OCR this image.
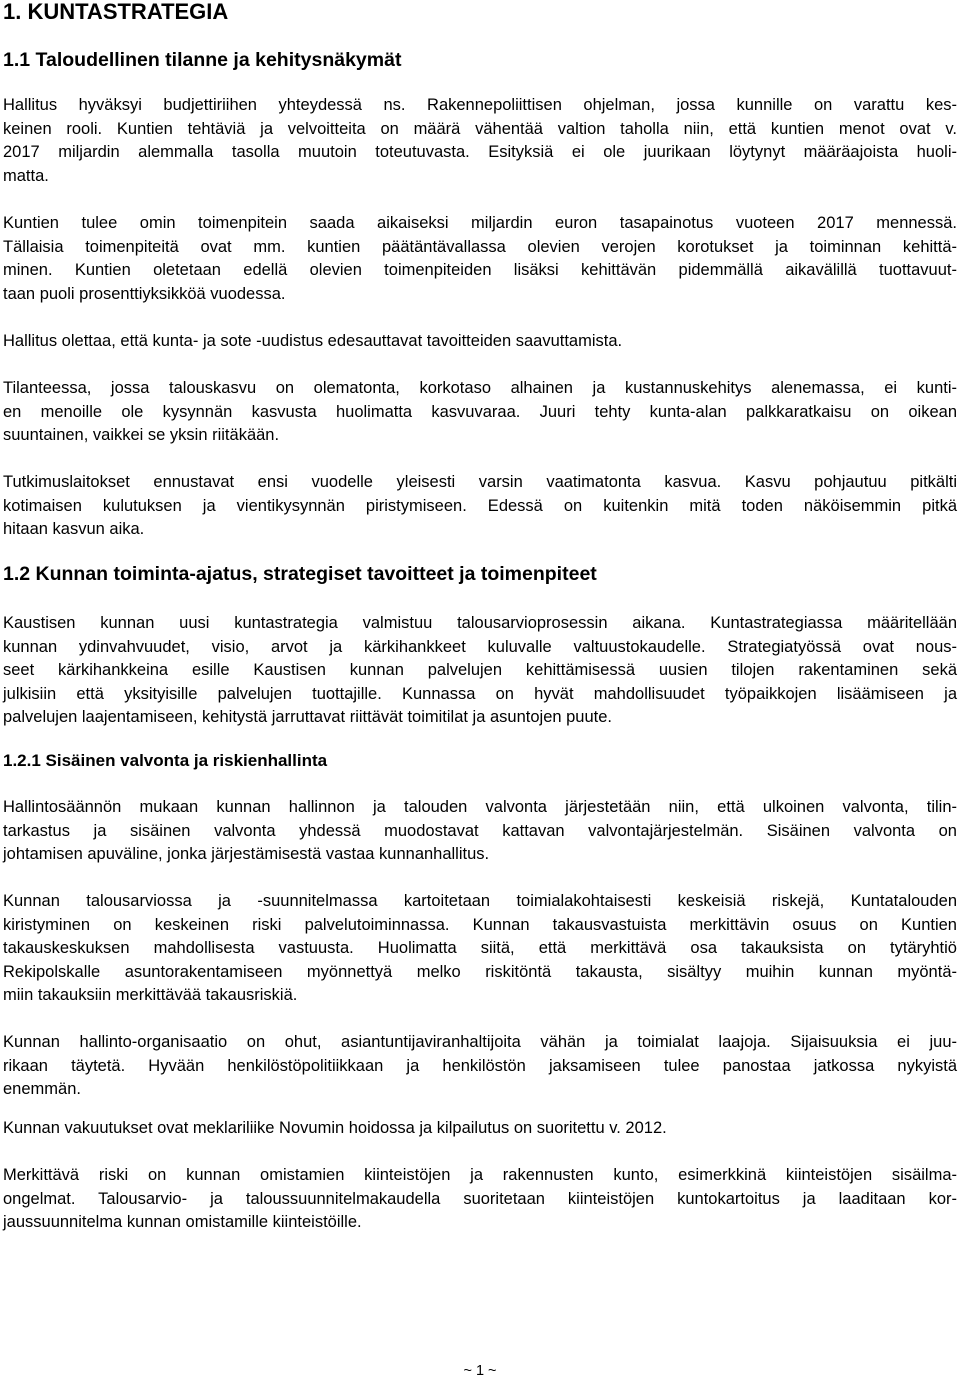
1. KUNTASTRATEGIA
1.1 Taloudellinen tilanne ja kehitysnäkymät
Hallitus hyväksyi budjettiriihen yhteydessä ns. Rakennepoliittisen ohjelman, jossa kunnille on varattu kes-
keinen rooli. Kuntien tehtäviä ja velvoitteita on määrä vähentää valtion taholla niin, että kuntien menot ovat v.
2017 miljardin alemmalla tasolla muutoin toteutuvasta. Esityksiä ei ole juurikaan löytynyt määräajoista huoli-
matta.
Kuntien tulee omin toimenpitein saada aikaiseksi miljardin euron tasapainotus vuoteen 2017 mennessä.
Tällaisia toimenpiteitä ovat mm. kuntien päätäntävallassa olevien verojen korotukset ja toiminnan kehittä-
minen. Kuntien oletetaan edellä olevien toimenpiteiden lisäksi kehittävän pidemmällä aikavälillä tuottavuut-
taan puoli prosenttiyksikköä vuodessa.
Hallitus olettaa, että kunta- ja sote -uudistus edesauttavat tavoitteiden saavuttamista.
Tilanteessa, jossa talouskasvu on olematonta, korkotaso alhainen ja kustannuskehitys alenemassa, ei kunti-
en menoille ole kysynnän kasvusta huolimatta kasvuvaraa. Juuri tehty kunta-alan palkkaratkaisu on oikean
suuntainen, vaikkei se yksin riitäkään.
Tutkimuslaitokset ennustavat ensi vuodelle yleisesti varsin vaatimatonta kasvua. Kasvu pohjautuu pitkälti
kotimaisen kulutuksen ja vientikysynnän piristymiseen. Edessä on kuitenkin mitä toden näköisemmin pitkä
hitaan kasvun aika.
1.2 Kunnan toiminta-ajatus, strategiset tavoitteet ja toimenpiteet
Kaustisen kunnan uusi kuntastrategia valmistuu talousarvioprosessin aikana. Kuntastrategiassa määritellään
kunnan ydinvahvuudet, visio, arvot ja kärkihankkeet kuluvalle valtuustokaudelle. Strategiatyössä ovat nous-
seet kärkihankkeina esille Kaustisen kunnan palvelujen kehittämisessä uusien tilojen rakentaminen sekä
julkisiin että yksityisille palvelujen tuottajille. Kunnassa on hyvät mahdollisuudet työpaikkojen lisäämiseen ja
palvelujen laajentamiseen, kehitystä jarruttavat riittävät toimitilat ja asuntojen puute.
1.2.1 Sisäinen valvonta ja riskienhallinta
Hallintosäännön mukaan kunnan hallinnon ja talouden valvonta järjestetään niin, että ulkoinen valvonta, tilin-
tarkastus ja sisäinen valvonta yhdessä muodostavat kattavan valvontajärjestelmän. Sisäinen valvonta on
johtamisen apuväline, jonka järjestämisestä vastaa kunnanhallitus.
Kunnan talousarviossa ja -suunnitelmassa kartoitetaan toimialakohtaisesti keskeisiä riskejä, Kuntatalouden
kiristyminen on keskeinen riski palvelutoiminnassa. Kunnan takausvastuista merkittävin osuus on Kuntien
takauskeskuksen mahdollisesta vastuusta. Huolimatta siitä, että merkittävä osa takauksista on tytäryhtiö
Rekipolskalle asuntorakentamiseen myönnettyä melko riskitöntä takausta, sisältyy muihin kunnan myöntä-
miin takauksiin merkittävää takausriskiä.
Kunnan hallinto-organisaatio on ohut, asiantuntijaviranhaltijoita vähän ja toimialat laajoja. Sijaisuuksia ei juu-
rikaan täytetä. Hyvään henkilöstöpolitiikkaan ja henkilöstön jaksamiseen tulee panostaa jatkossa nykyistä
enemmän.
Kunnan vakuutukset ovat meklariliike Novumin hoidossa ja kilpailutus on suoritettu v. 2012.
Merkittävä riski on kunnan omistamien kiinteistöjen ja rakennusten kunto, esimerkkinä kiinteistöjen sisäilma-
ongelmat. Talousarvio- ja taloussuunnitelmakaudella suoritetaan kiinteistöjen kuntokartoitus ja laaditaan kor-
jaussuunnitelma kunnan omistamille kiinteistöille.
~ 1 ~
